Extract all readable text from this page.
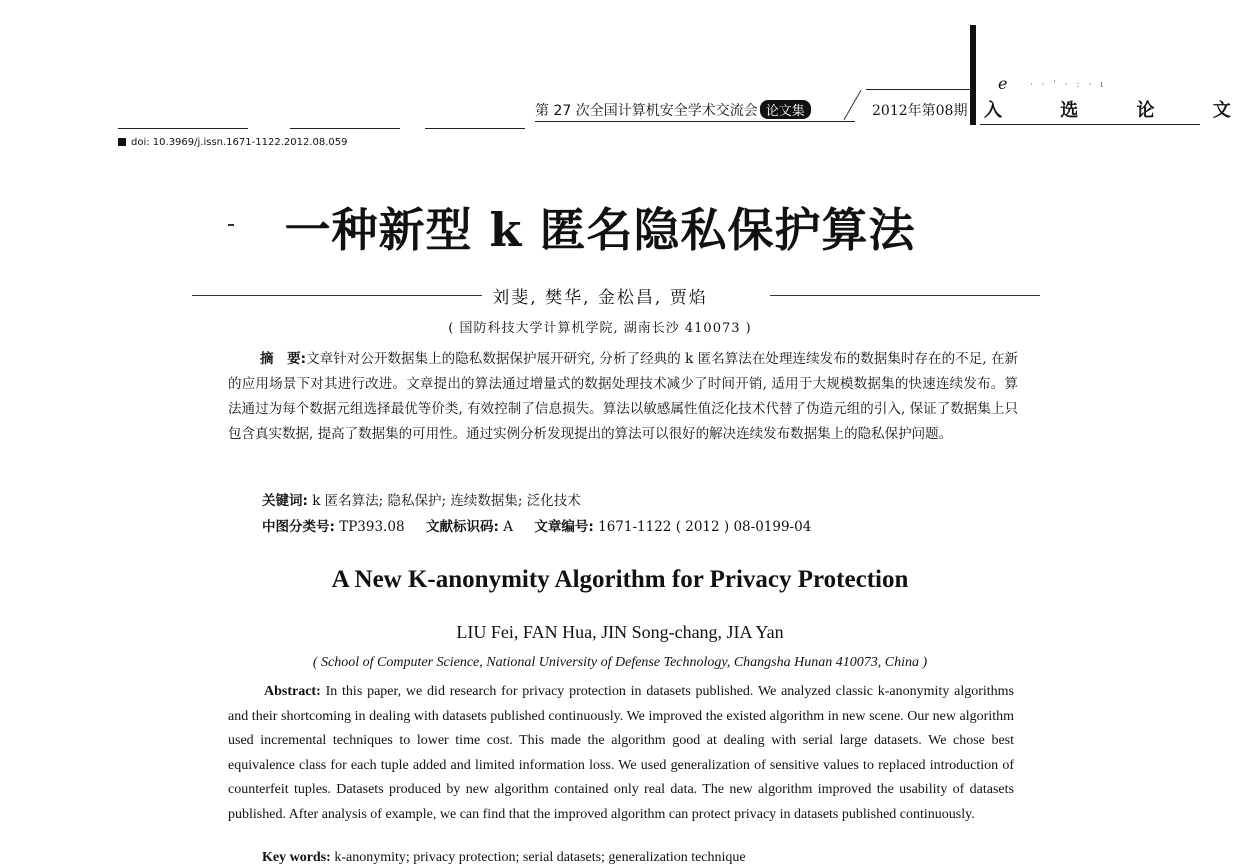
第 27 次全国计算机安全学术交流会 论文集	2012年第08期
e	· · ' · : · ı
入 选 论 文
doi: 10.3969/j.issn.1671-1122.2012.08.059
一种新型 k 匿名隐私保护算法
刘斐, 樊华, 金松昌, 贾焰
( 国防科技大学计算机学院, 湖南长沙 410073 )
摘　要:文章针对公开数据集上的隐私数据保护展开研究, 分析了经典的 k 匿名算法在处理连续发布的数据集时存在的不足, 在新的应用场景下对其进行改进。文章提出的算法通过增量式的数据处理技术减少了时间开销, 适用于大规模数据集的快速连续发布。算法通过为每个数据元组选择最优等价类, 有效控制了信息损失。算法以敏感属性值泛化技术代替了伪造元组的引入, 保证了数据集上只包含真实数据, 提高了数据集的可用性。通过实例分析发现提出的算法可以很好的解决连续发布数据集上的隐私保护问题。
关键词: k 匿名算法; 隐私保护; 连续数据集; 泛化技术
中图分类号: TP393.08 文献标识码: A 文章编号: 1671-1122 ( 2012 ) 08-0199-04
A New K-anonymity Algorithm for Privacy Protection
LIU Fei, FAN Hua, JIN Song-chang, JIA Yan
( School of Computer Science, National University of Defense Technology, Changsha Hunan 410073, China )
Abstract: In this paper, we did research for privacy protection in datasets published. We analyzed classic k-anonymity algorithms and their shortcoming in dealing with datasets published continuously. We improved the existed algorithm in new scene. Our new algorithm used incremental techniques to lower time cost. This made the algorithm good at dealing with serial large datasets. We chose best equivalence class for each tuple added and limited information loss. We used generalization of sensitive values to replaced introduction of counterfeit tuples. Datasets produced by new algorithm contained only real data. The new algorithm improved the usability of datasets published. After analysis of example, we can find that the improved algorithm can protect privacy in datasets published continuously.
Key words: k-anonymity; privacy protection; serial datasets; generalization technique
